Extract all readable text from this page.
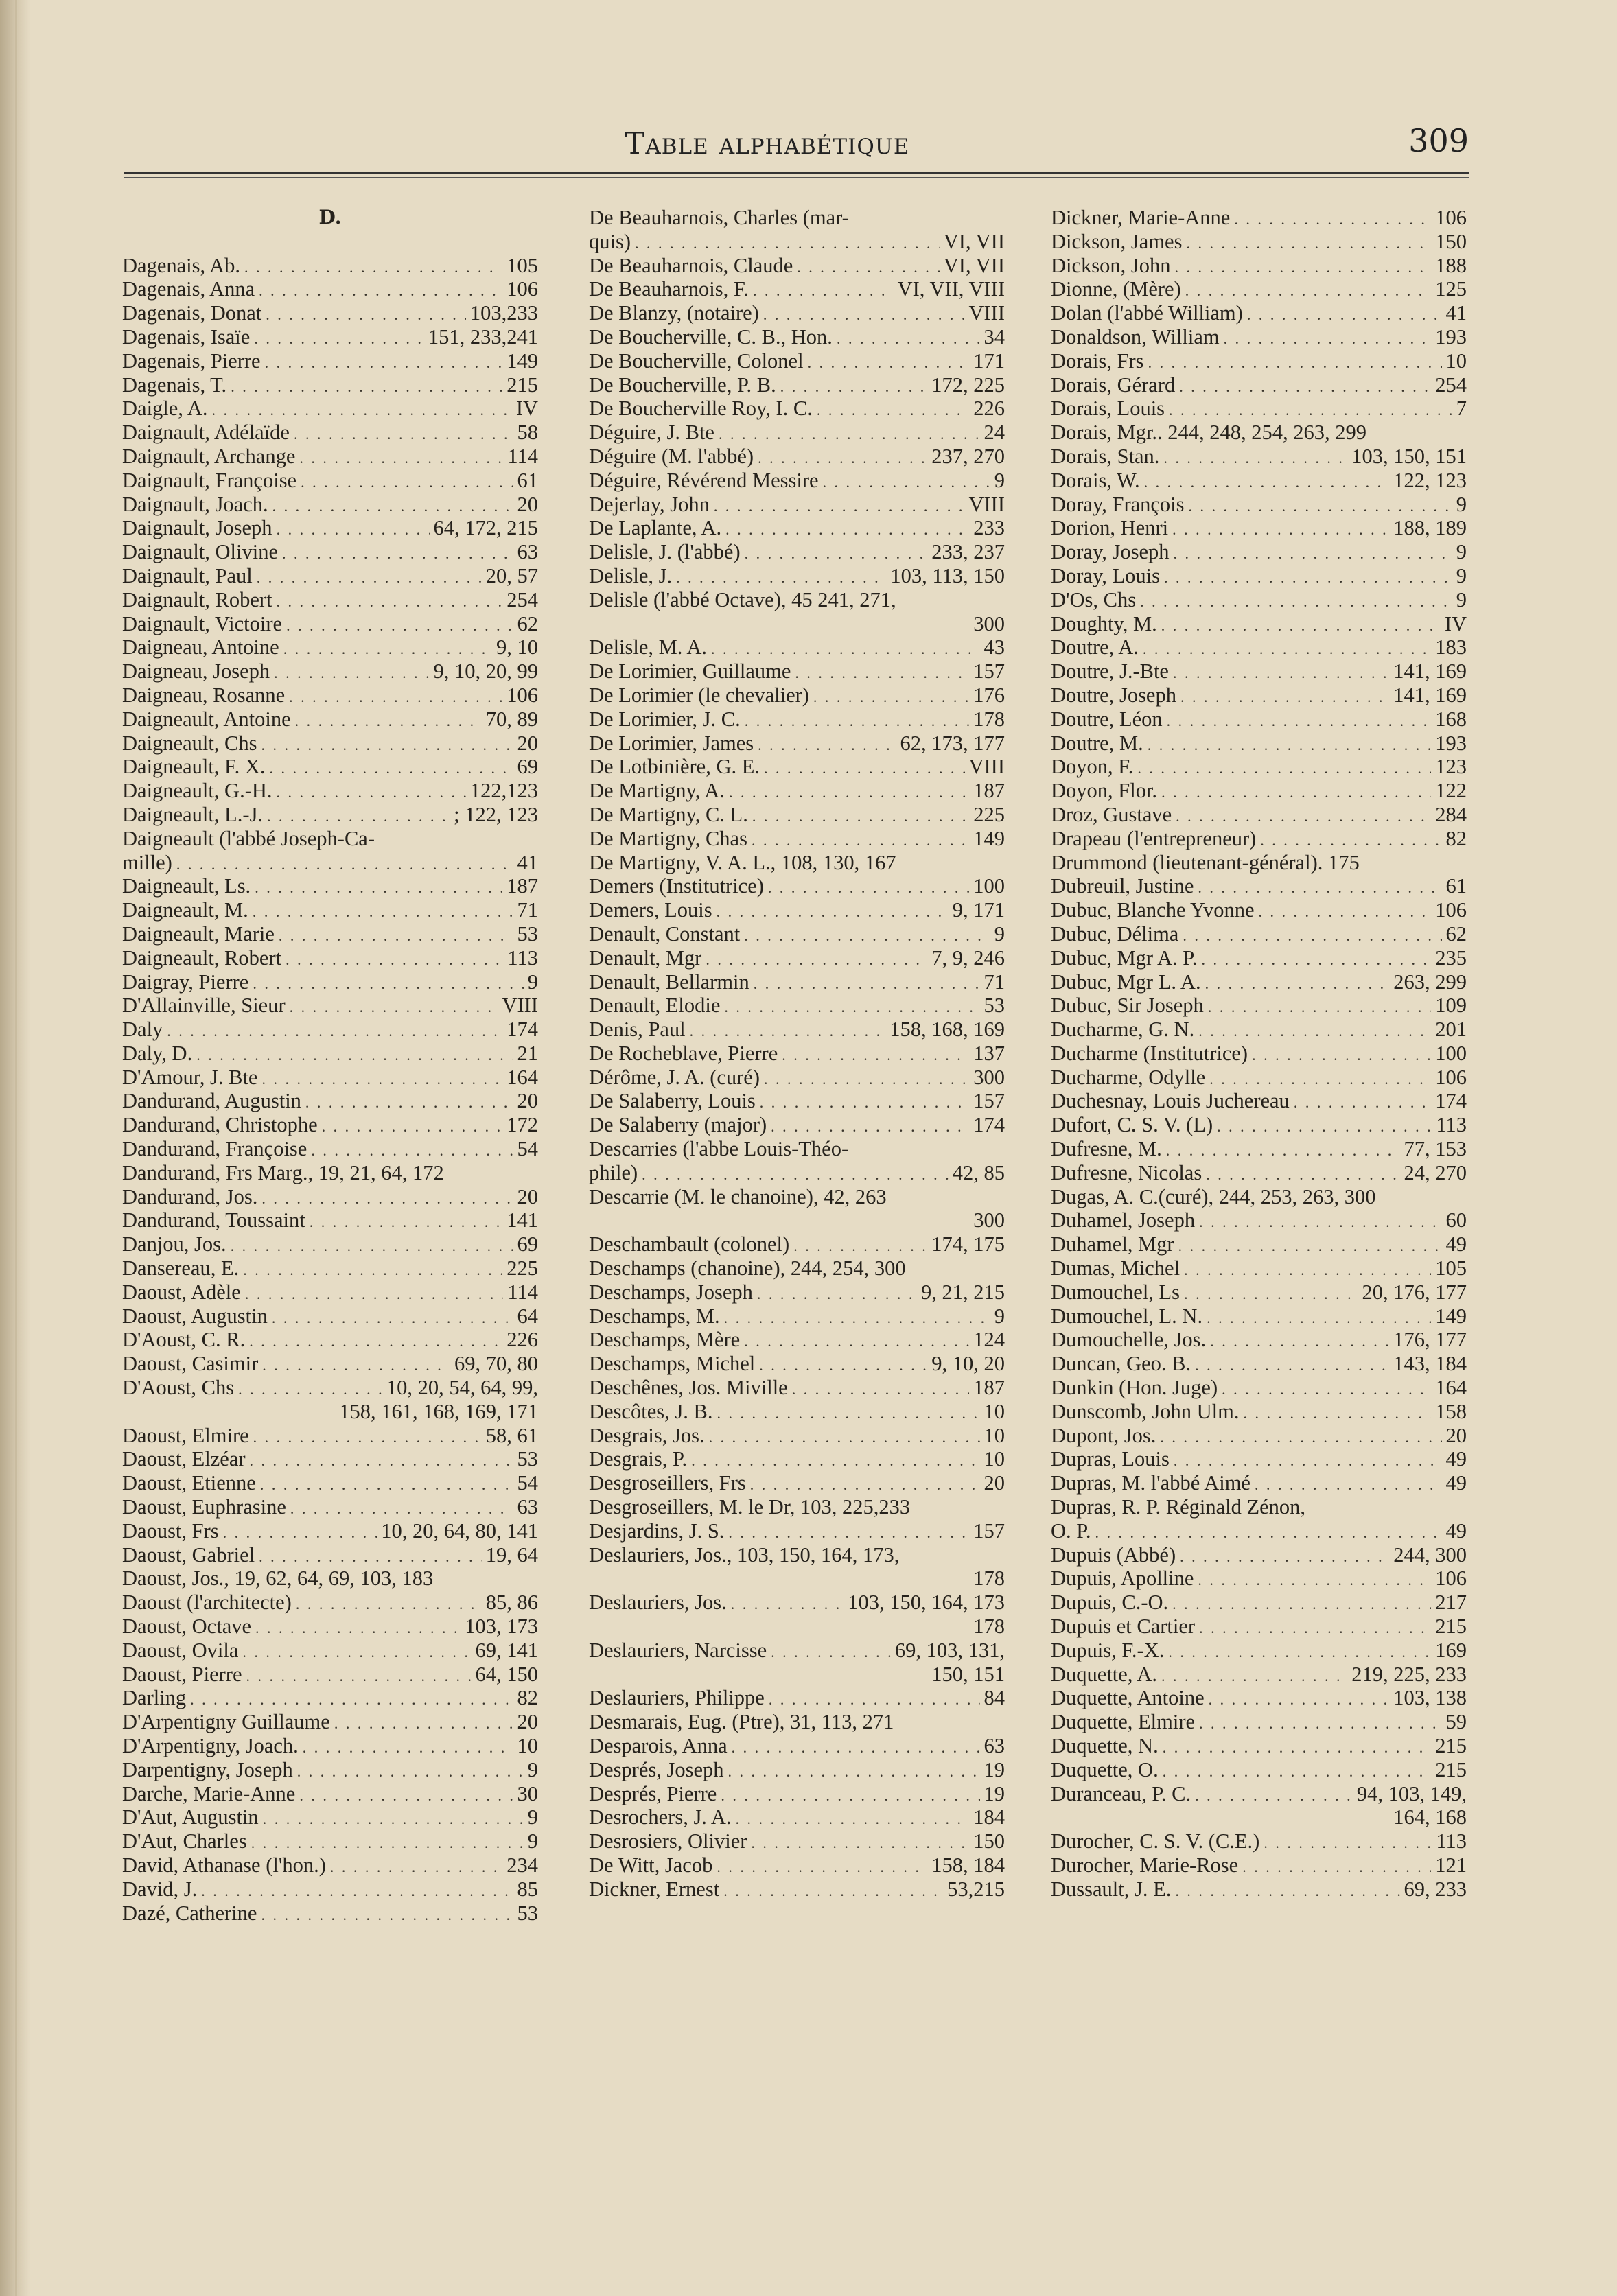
Table alphabétique	309
D.
Dagenais, Ab. . . .	105
Dagenais, Anna . . .	106
Dagenais, Donat . . .	103,233
Dagenais, Isaïe . . .	151, 233,241
Dagenais, Pierre . . .	149
Dagenais, T. . . .	215
Daigle, A. . . .	IV
Daignault, Adélaïde . . .	58
Daignault, Archange . . .	114
Daignault, Françoise . . .	61
Daignault, Joach. . . .	20
Daignault, Joseph . . .	64, 172, 215
Daignault, Olivine . . .	63
Daignault, Paul . . .	20, 57
Daignault, Robert . . .	254
Daignault, Victoire . . .	62
Daigneau, Antoine . . .	9, 10
Daigneau, Joseph . . .	9, 10, 20, 99
Daigneau, Rosanne . . .	106
Daigneault, Antoine . . .	70, 89
Daigneault, Chs . . .	20
Daigneault, F. X. . . .	69
Daigneault, G.-H. . . .	122,123
Daigneault, L.-J. . . .	; 122, 123
Daigneault (l'abbé Joseph-Ca-
mille) . . .	41
Daigneault, Ls. . . .	187
Daigneault, M. . . .	71
Daigneault, Marie . . .	53
Daigneault, Robert . . .	113
Daigray, Pierre . . .	9
D'Allainville, Sieur . . .	VIII
Daly . . .	174
Daly, D. . . .	21
D'Amour, J. Bte . . .	164
Dandurand, Augustin . . .	20
Dandurand, Christophe . . .	172
Dandurand, Françoise . . .	54
Dandurand, Frs Marg., 19, 21, 64, 172
Dandurand, Jos. . . .	20
Dandurand, Toussaint . . .	141
Danjou, Jos. . . .	69
Dansereau, E. . . .	225
Daoust, Adèle . . .	114
Daoust, Augustin . . .	64
D'Aoust, C. R. . . .	226
Daoust, Casimir . . .	69, 70, 80
D'Aoust, Chs . . .	10, 20, 54, 64, 99,
158, 161, 168, 169, 171
Daoust, Elmire . . .	58, 61
Daoust, Elzéar . . .	53
Daoust, Etienne . . .	54
Daoust, Euphrasine . . .	63
Daoust, Frs . . .	10, 20, 64, 80, 141
Daoust, Gabriel . . .	19, 64
Daoust, Jos., 19, 62, 64, 69, 103, 183
Daoust (l'architecte) . . .	85, 86
Daoust, Octave . . .	103, 173
Daoust, Ovila . . .	69, 141
Daoust, Pierre . . .	64, 150
Darling . . .	82
D'Arpentigny Guillaume . . .	20
D'Arpentigny, Joach. . . .	10
Darpentigny, Joseph . . .	9
Darche, Marie-Anne . . .	30
D'Aut, Augustin . . .	9
D'Aut, Charles . . .	9
David, Athanase (l'hon.) . . .	234
David, J. . . .	85
Dazé, Catherine . . .	53
De Beauharnois, Charles (mar-
quis) . . .	VI, VII
De Beauharnois, Claude . . .	VI, VII
De Beauharnois, F. . . .	VI, VII, VIII
De Blanzy, (notaire) . . .	VIII
De Boucherville, C. B., Hon. . . .	34
De Boucherville, Colonel . . .	171
De Boucherville, P. B. . . .	172, 225
De Boucherville Roy, I. C. . . .	226
Déguire, J. Bte . . .	24
Déguire (M. l'abbé) . . .	237, 270
Déguire, Révérend Messire . . .	9
Dejerlay, John . . .	VIII
De Laplante, A. . . .	233
Delisle, J. (l'abbé) . . .	233, 237
Delisle, J. . . .	103, 113, 150
Delisle (l'abbé Octave), 45 241, 271,
300
Delisle, M. A. . . .	43
De Lorimier, Guillaume . . .	157
De Lorimier (le chevalier) . . .	176
De Lorimier, J. C. . . .	178
De Lorimier, James . . .	62, 173, 177
De Lotbinière, G. E. . . .	VIII
De Martigny, A. . . .	187
De Martigny, C. L. . . .	225
De Martigny, Chas . . .	149
De Martigny, V. A. L., 108, 130, 167
Demers (Institutrice) . . .	100
Demers, Louis . . .	9, 171
Denault, Constant . . .	9
Denault, Mgr . . .	7, 9, 246
Denault, Bellarmin . . .	71
Denault, Elodie . . .	53
Denis, Paul . . .	158, 168, 169
De Rocheblave, Pierre . . .	137
Dérôme, J. A. (curé) . . .	300
De Salaberry, Louis . . .	157
De Salaberry (major) . . .	174
Descarries (l'abbe Louis-Théo-
phile) . . .	42, 85
Descarrie (M. le chanoine), 42, 263
300
Deschambault (colonel) . . .	174, 175
Deschamps (chanoine), 244, 254, 300
Deschamps, Joseph . . .	9, 21, 215
Deschamps, M. . . .	9
Deschamps, Mère . . .	124
Deschamps, Michel . . .	9, 10, 20
Deschênes, Jos. Miville . . .	187
Descôtes, J. B. . . .	10
Desgrais, Jos. . . .	10
Desgrais, P. . . .	10
Desgroseillers, Frs . . .	20
Desgroseillers, M. le Dr, 103, 225,233
Desjardins, J. S. . . .	157
Deslauriers, Jos., 103, 150, 164, 173,
178
Deslauriers, Jos. . . .	103, 150, 164, 173
178
Deslauriers, Narcisse . . .	69, 103, 131,
150, 151
Deslauriers, Philippe . . .	84
Desmarais, Eug. (Ptre), 31, 113, 271
Desparois, Anna . . .	63
Després, Joseph . . .	19
Després, Pierre . . .	19
Desrochers, J. A. . . .	184
Desrosiers, Olivier . . .	150
De Witt, Jacob . . .	158, 184
Dickner, Ernest . . .	53,215
Dickner, Marie-Anne . . .	106
Dickson, James . . .	150
Dickson, John . . .	188
Dionne, (Mère) . . .	125
Dolan (l'abbé William) . . .	41
Donaldson, William . . .	193
Dorais, Frs . . .	10
Dorais, Gérard . . .	254
Dorais, Louis . . .	7
Dorais, Mgr.. 244, 248, 254, 263, 299
Dorais, Stan. . . .	103, 150, 151
Dorais, W. . . .	122, 123
Doray, François . . .	9
Dorion, Henri . . .	188, 189
Doray, Joseph . . .	9
Doray, Louis . . .	9
D'Os, Chs . . .	9
Doughty, M. . . .	IV
Doutre, A. . . .	183
Doutre, J.-Bte . . .	141, 169
Doutre, Joseph . . .	141, 169
Doutre, Léon . . .	168
Doutre, M. . . .	193
Doyon, F. . . .	123
Doyon, Flor. . . .	122
Droz, Gustave . . .	284
Drapeau (l'entrepreneur) . . .	82
Drummond (lieutenant-général). 175
Dubreuil, Justine . . .	61
Dubuc, Blanche Yvonne . . .	106
Dubuc, Délima . . .	62
Dubuc, Mgr A. P. . . .	235
Dubuc, Mgr L. A. . . .	263, 299
Dubuc, Sir Joseph . . .	109
Ducharme, G. N. . . .	201
Ducharme (Institutrice) . . .	100
Ducharme, Odylle . . .	106
Duchesnay, Louis Juchereau . . .	174
Dufort, C. S. V. (L) . . .	113
Dufresne, M. . . .	77, 153
Dufresne, Nicolas . . .	24, 270
Dugas, A. C.(curé), 244, 253, 263, 300
Duhamel, Joseph . . .	60
Duhamel, Mgr . . .	49
Dumas, Michel . . .	105
Dumouchel, Ls . . .	20, 176, 177
Dumouchel, L. N. . . .	149
Dumouchelle, Jos. . . .	176, 177
Duncan, Geo. B. . . .	143, 184
Dunkin (Hon. Juge) . . .	164
Dunscomb, John Ulm. . . .	158
Dupont, Jos. . . .	20
Dupras, Louis . . .	49
Dupras, M. l'abbé Aimé . . .	49
Dupras, R. P. Réginald Zénon,
O. P. . . .	49
Dupuis (Abbé) . . .	244, 300
Dupuis, Apolline . . .	106
Dupuis, C.-O. . . .	217
Dupuis et Cartier . . .	215
Dupuis, F.-X. . . .	169
Duquette, A. . . .	219, 225, 233
Duquette, Antoine . . .	103, 138
Duquette, Elmire . . .	59
Duquette, N. . . .	215
Duquette, O. . . .	215
Duranceau, P. C. . . .	94, 103, 149,
164, 168
Durocher, C. S. V. (C.E.) . . .	113
Durocher, Marie-Rose . . .	121
Dussault, J. E. . . .	69, 233
